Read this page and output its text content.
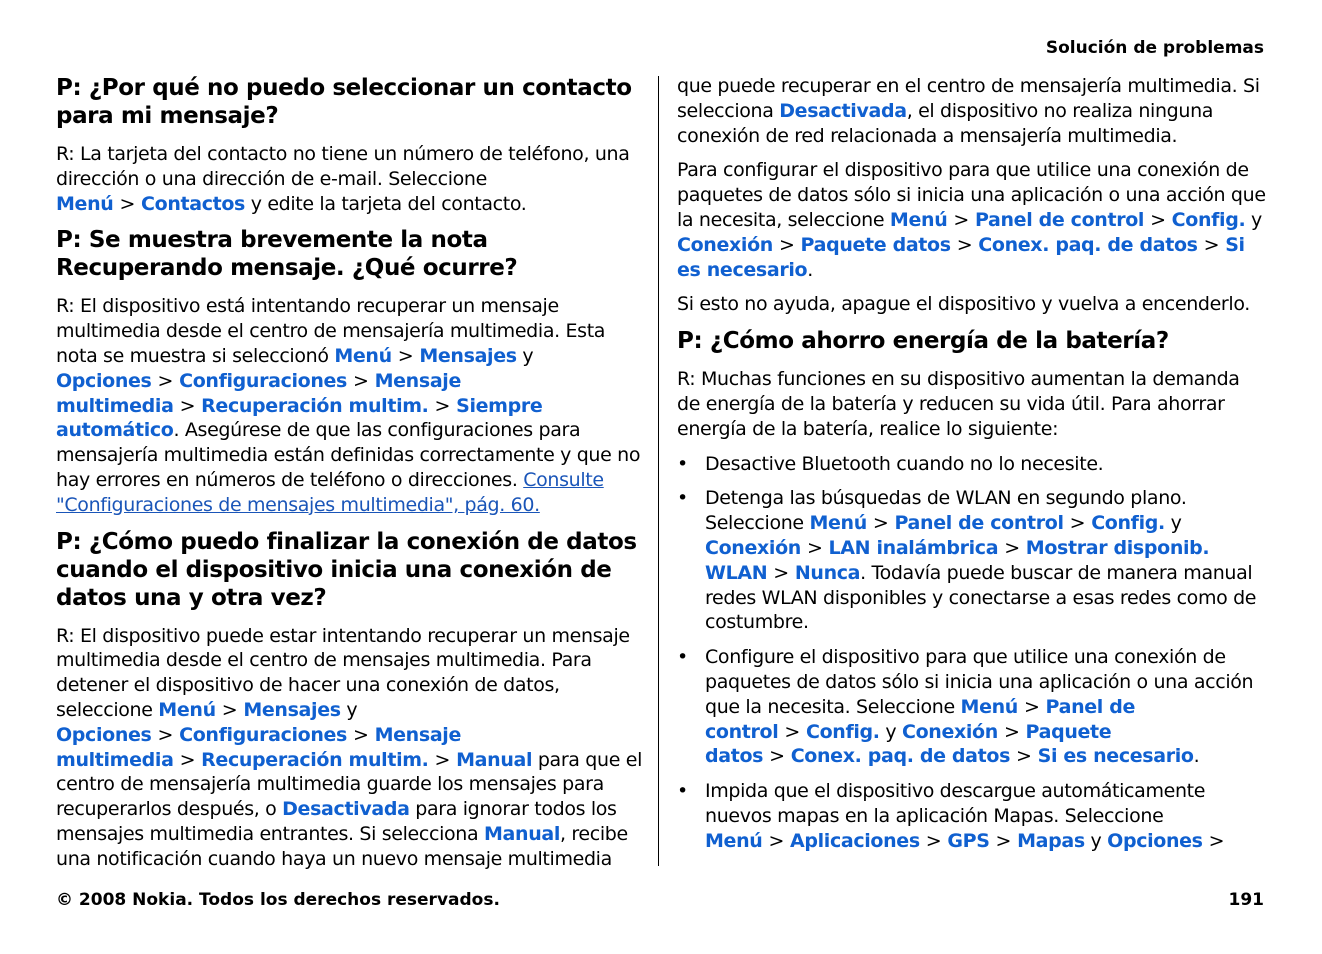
Solución de problemas
P: ¿Por qué no puedo seleccionar un contacto para mi mensaje?

R: La tarjeta del contacto no tiene un número de teléfono, una dirección o una dirección de e-mail. Seleccione Menú > Contactos y edite la tarjeta del contacto.

P: Se muestra brevemente la nota Recuperando mensaje. ¿Qué ocurre?

R: El dispositivo está intentando recuperar un mensaje multimedia desde el centro de mensajería multimedia. Esta nota se muestra si seleccionó Menú > Mensajes y Opciones > Configuraciones > Mensaje multimedia > Recuperación multim. > Siempre automático. Asegúrese de que las configuraciones para mensajería multimedia están definidas correctamente y que no hay errores en números de teléfono o direcciones. Consulte "Configuraciones de mensajes multimedia", pág. 60.

P: ¿Cómo puedo finalizar la conexión de datos cuando el dispositivo inicia una conexión de datos una y otra vez?

R: El dispositivo puede estar intentando recuperar un mensaje multimedia desde el centro de mensajes multimedia. Para detener el dispositivo de hacer una conexión de datos, seleccione Menú > Mensajes y Opciones > Configuraciones > Mensaje multimedia > Recuperación multim. > Manual para que el centro de mensajería multimedia guarde los mensajes para recuperarlos después, o Desactivada para ignorar todos los mensajes multimedia entrantes. Si selecciona Manual, recibe una notificación cuando haya un nuevo mensaje multimedia

que puede recuperar en el centro de mensajería multimedia. Si selecciona Desactivada, el dispositivo no realiza ninguna conexión de red relacionada a mensajería multimedia.

Para configurar el dispositivo para que utilice una conexión de paquetes de datos sólo si inicia una aplicación o una acción que la necesita, seleccione Menú > Panel de control > Config. y Conexión > Paquete datos > Conex. paq. de datos > Si es necesario.

Si esto no ayuda, apague el dispositivo y vuelva a encenderlo.

P: ¿Cómo ahorro energía de la batería?

R: Muchas funciones en su dispositivo aumentan la demanda de energía de la batería y reducen su vida útil. Para ahorrar energía de la batería, realice lo siguiente:

• Desactive Bluetooth cuando no lo necesite.
• Detenga las búsquedas de WLAN en segundo plano. Seleccione Menú > Panel de control > Config. y Conexión > LAN inalámbrica > Mostrar disponib. WLAN > Nunca. Todavía puede buscar de manera manual redes WLAN disponibles y conectarse a esas redes como de costumbre.
• Configure el dispositivo para que utilice una conexión de paquetes de datos sólo si inicia una aplicación o una acción que la necesita. Seleccione Menú > Panel de control > Config. y Conexión > Paquete datos > Conex. paq. de datos > Si es necesario.
• Impida que el dispositivo descargue automáticamente nuevos mapas en la aplicación Mapas. Seleccione Menú > Aplicaciones > GPS > Mapas y Opciones >
© 2008 Nokia. Todos los derechos reservados.	191
